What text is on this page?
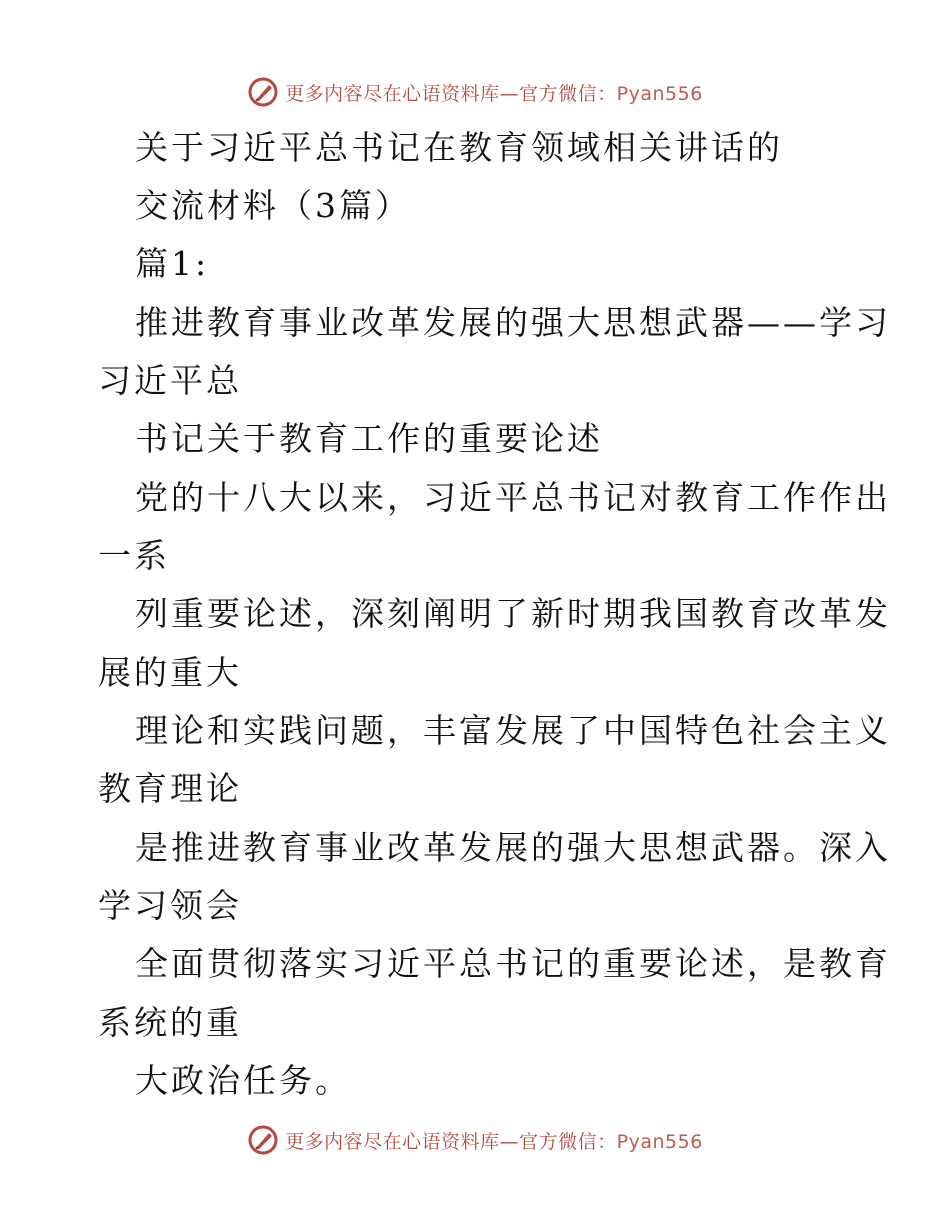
更多内容尽在心语资料库—官方微信：Pyan556
关于习近平总书记在教育领域相关讲话的
交流材料（3篇）
篇1:
推进教育事业改革发展的强大思想武器——学习
习近平总
书记关于教育工作的重要论述
党的十八大以来，习近平总书记对教育工作作出
一系
列重要论述，深刻阐明了新时期我国教育改革发
展的重大
理论和实践问题，丰富发展了中国特色社会主义
教育理论
是推进教育事业改革发展的强大思想武器。深入
学习领会
全面贯彻落实习近平总书记的重要论述，是教育
系统的重
大政治任务。
更多内容尽在心语资料库—官方微信：Pyan556
